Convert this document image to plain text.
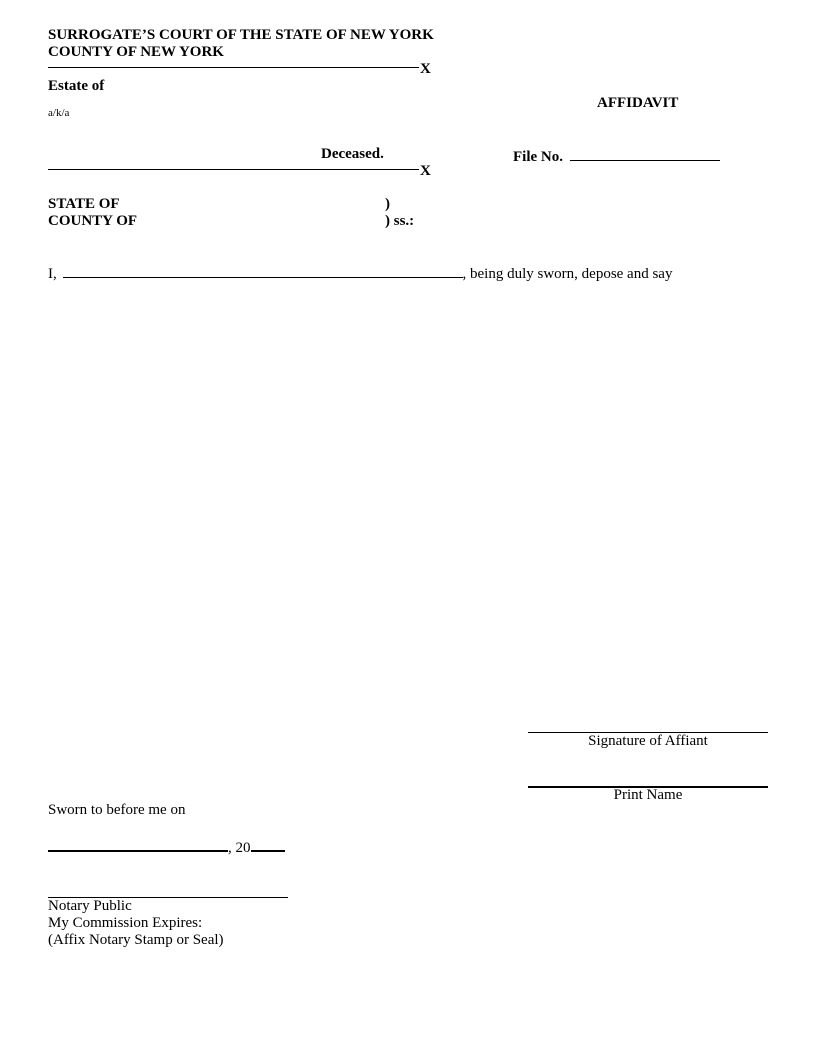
SURROGATE’S COURT OF THE STATE OF NEW YORK
COUNTY OF NEW YORK
X
Estate of
a/k/a
AFFIDAVIT
Deceased.	File No.
X
STATE OF
COUNTY OF
)
) ss.:
I,	, being duly sworn, depose and say
Signature of Affiant
Print Name
Sworn to before me on
, 20
Notary Public
My Commission Expires:
(Affix Notary Stamp or Seal)
